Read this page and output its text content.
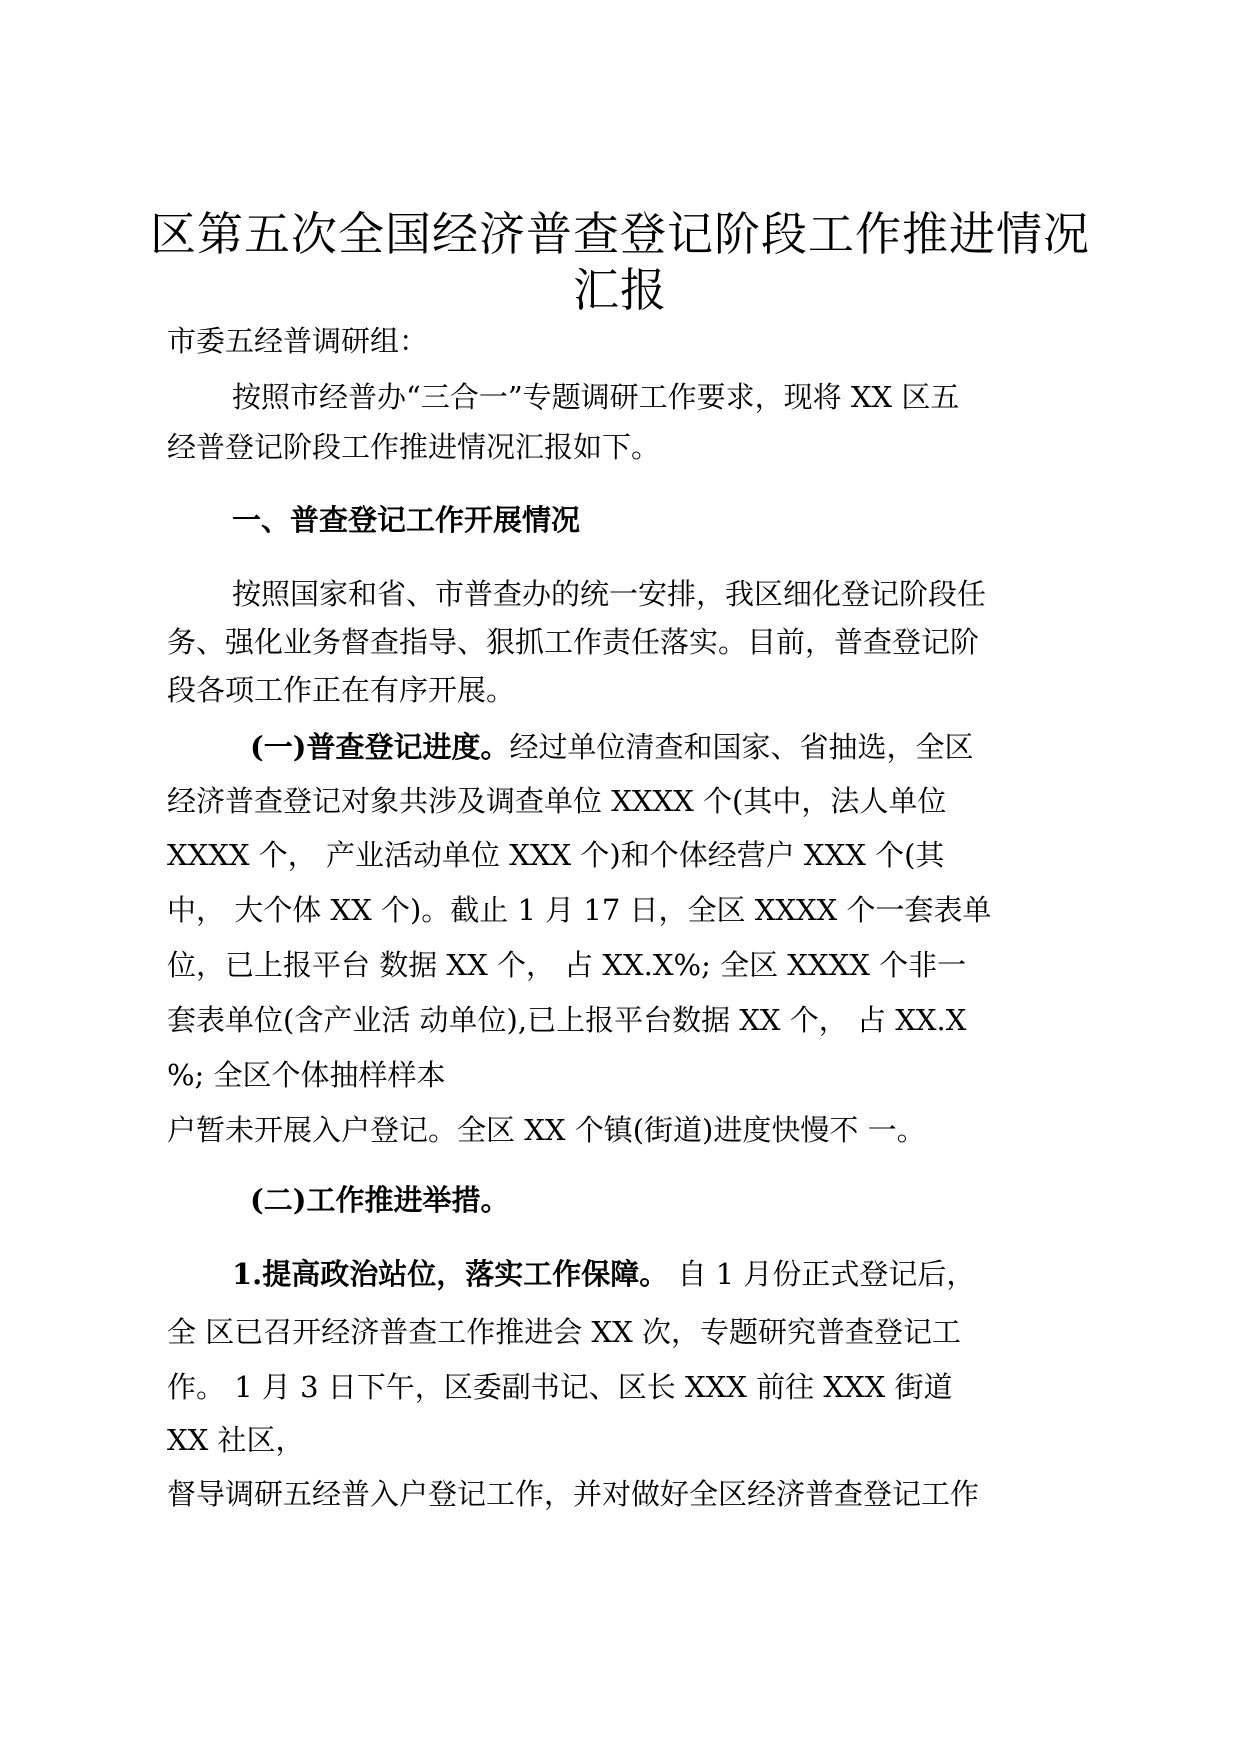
区第五次全国经济普查登记阶段工作推进情况
汇报
市委五经普调研组：
按照市经普办“三合一”专题调研工作要求，现将 XX 区五
经普登记阶段工作推进情况汇报如下。
一、普查登记工作开展情况
按照国家和省、市普查办的统一安排，我区细化登记阶段任
务、强化业务督查指导、狠抓工作责任落实。目前，普查登记阶
段各项工作正在有序开展。
(一)普查登记进度。经过单位清查和国家、省抽选，全区
经济普查登记对象共涉及调查单位 XXXX 个(其中，法人单位
XXXX 个， 产业活动单位 XXX 个)和个体经营户 XXX 个(其
中， 大个体 XX 个)。截止 1 月 17 日，全区 XXXX 个一套表单
位，已上报平台 数据 XX 个， 占 XX.X%; 全区 XXXX 个非一
套表单位(含产业活 动单位),已上报平台数据 XX 个， 占 XX.X
%; 全区个体抽样样本
户暂未开展入户登记。全区 XX 个镇(街道)进度快慢不 一。
(二)工作推进举措。
1.提高政治站位，落实工作保障。 自 1 月份正式登记后，
全 区已召开经济普查工作推进会 XX 次，专题研究普查登记工
作。 1 月 3 日下午，区委副书记、区长 XXX 前往 XXX 街道
XX 社区，
督导调研五经普入户登记工作，并对做好全区经济普查登记工作
